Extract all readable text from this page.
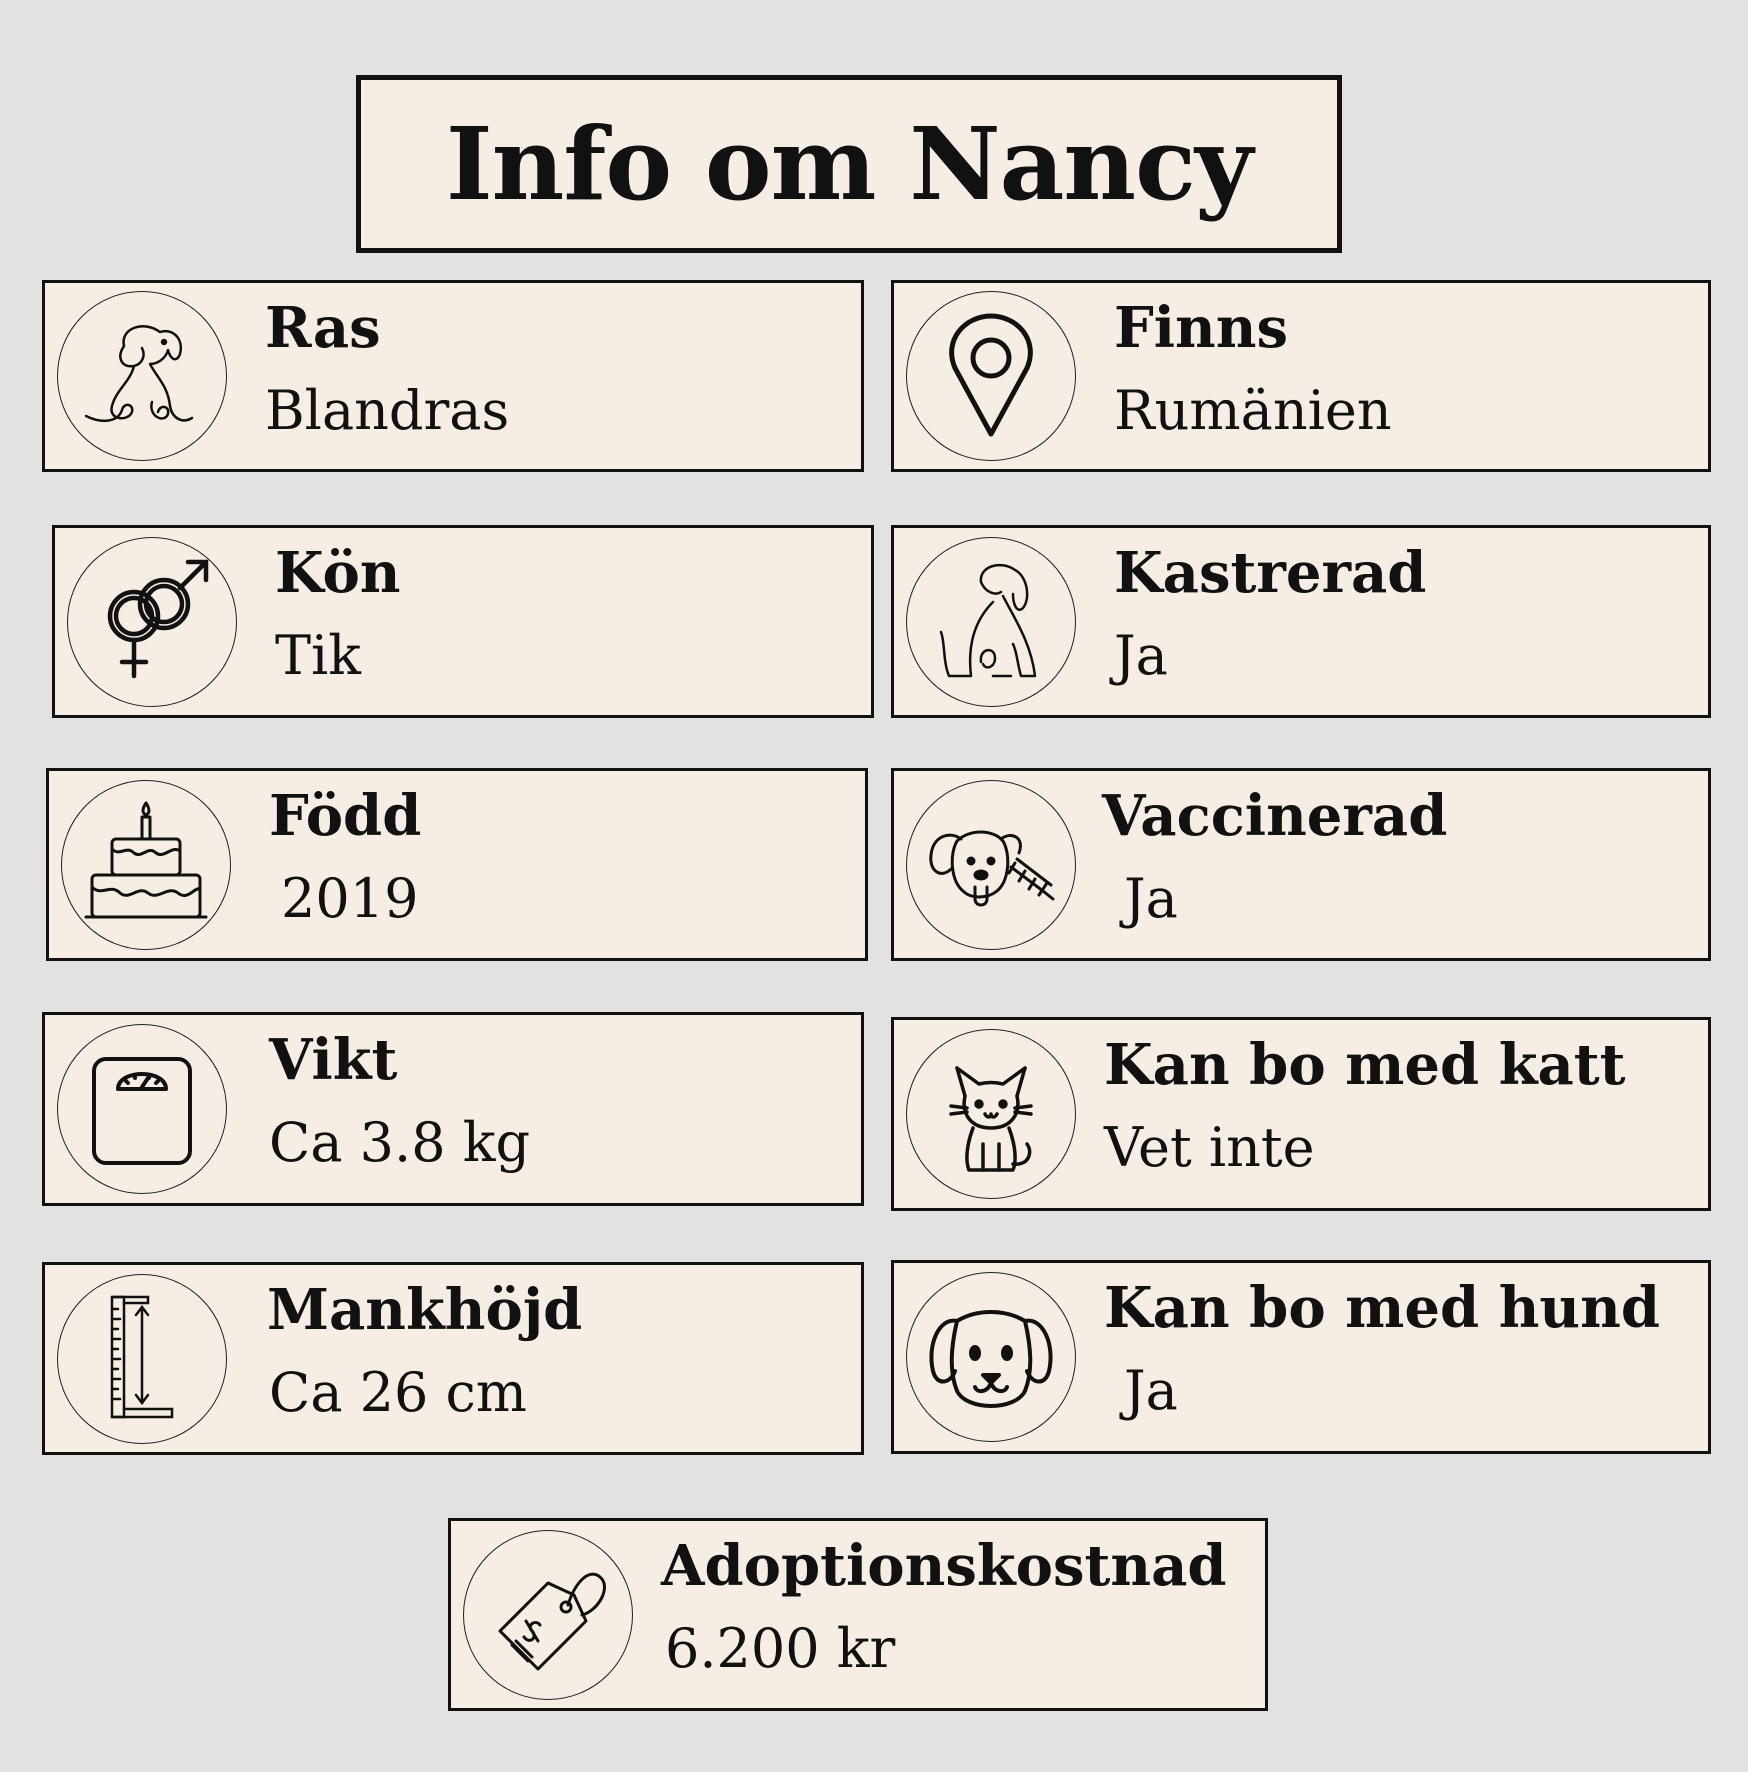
Info om Nancy
Ras
Blandras
Finns
Rumänien
Kön
Tik
Kastrerad
Ja
Född
2019
Vaccinerad
Ja
Vikt
Ca 3.8 kg
Kan bo med katt
Vet inte
Mankhöjd
Ca 26 cm
Kan bo med hund
Ja
Adoptionskostnad
6.200 kr
